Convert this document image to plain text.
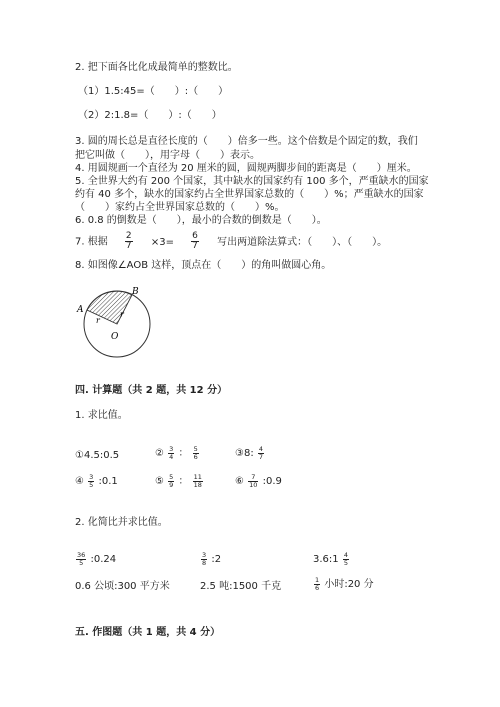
2. 把下面各比化成最简单的整数比。
（1）1.5:45=（　　）:（　　）
（2）2:1.8=（　　）:（　　）
3. 圆的周长总是直径长度的（　　）倍多一些。这个倍数是个固定的数，我们
把它叫做（　　），用字母（　　）表示。
4. 用圆规画一个直径为 20 厘米的圆，圆规两脚步间的距离是（　　）厘米。
5. 全世界大约有 200 个国家，其中缺水的国家约有 100 多个，严重缺水的国家
约有 40 多个，缺水的国家约占全世界国家总数的（　　）%；严重缺水的国家
（　　）家约占全世界国家总数的（　　）%。
6. 0.8 的倒数是（　　），最小的合数的倒数是（　　）。
7. 根据 $\frac{2}{7} \times 3= \frac{6}{7}$ 写出两道除法算式：（　　）、（　　）。
8. 如图像∠AOB 这样，顶点在（　　）的角叫做圆心角。
A
B
O
r
r
四. 计算题（共 2 题，共 12 分）
1. 求比值。
①4.5:0.5	② $\frac{3}{4}$ ： $\frac{5}{6}$	③8: $\frac{4}{7}$
④ $\frac{3}{5}$ :0.1	⑤ $\frac{5}{9}$ ： $\frac{11}{18}$	⑥ $\frac{7}{10}$ :0.9
2. 化简比并求比值。
$\frac{36}{5}$ :0.24	$\frac{3}{8}$ :2	3.6:1 $\frac{4}{5}$
0.6 公顷:300 平方米	2.5 吨:1500 千克	$\frac{1}{6}$ 小时:20 分
五. 作图题（共 1 题，共 4 分）
